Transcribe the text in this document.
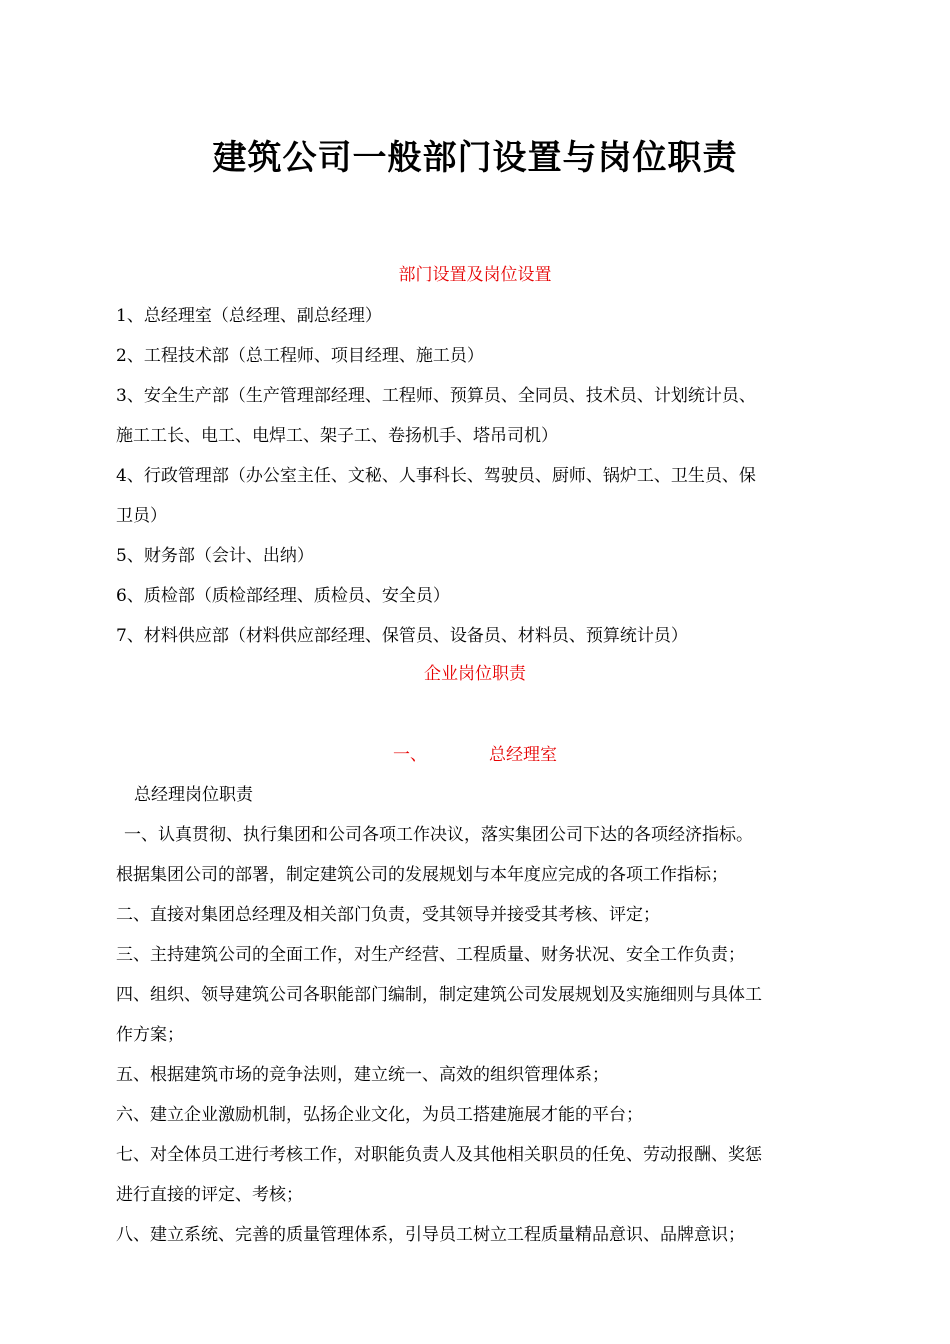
建筑公司一般部门设置与岗位职责

部门设置及岗位设置

1、总经理室（总经理、副总经理）

2、工程技术部（总工程师、项目经理、施工员）

3、安全生产部（生产管理部经理、工程师、预算员、全同员、技术员、计划统计员、

施工工长、电工、电焊工、架子工、卷扬机手、塔吊司机）

4、行政管理部（办公室主任、文秘、人事科长、驾驶员、厨师、锅炉工、卫生员、保

卫员）

5、财务部（会计、出纳）

6、质检部（质检部经理、质检员、安全员）

7、材料供应部（材料供应部经理、保管员、设备员、材料员、预算统计员）

企业岗位职责

一、	总经理室

总经理岗位职责

一、认真贯彻、执行集团和公司各项工作决议，落实集团公司下达的各项经济指标。

根据集团公司的部署，制定建筑公司的发展规划与本年度应完成的各项工作指标；

二、直接对集团总经理及相关部门负责，受其领导并接受其考核、评定；

三、主持建筑公司的全面工作，对生产经营、工程质量、财务状况、安全工作负责；

四、组织、领导建筑公司各职能部门编制，制定建筑公司发展规划及实施细则与具体工

作方案；

五、根据建筑市场的竞争法则，建立统一、高效的组织管理体系；

六、建立企业激励机制，弘扬企业文化，为员工搭建施展才能的平台；

七、对全体员工进行考核工作，对职能负责人及其他相关职员的任免、劳动报酬、奖惩

进行直接的评定、考核；

八、建立系统、完善的质量管理体系，引导员工树立工程质量精品意识、品牌意识；
